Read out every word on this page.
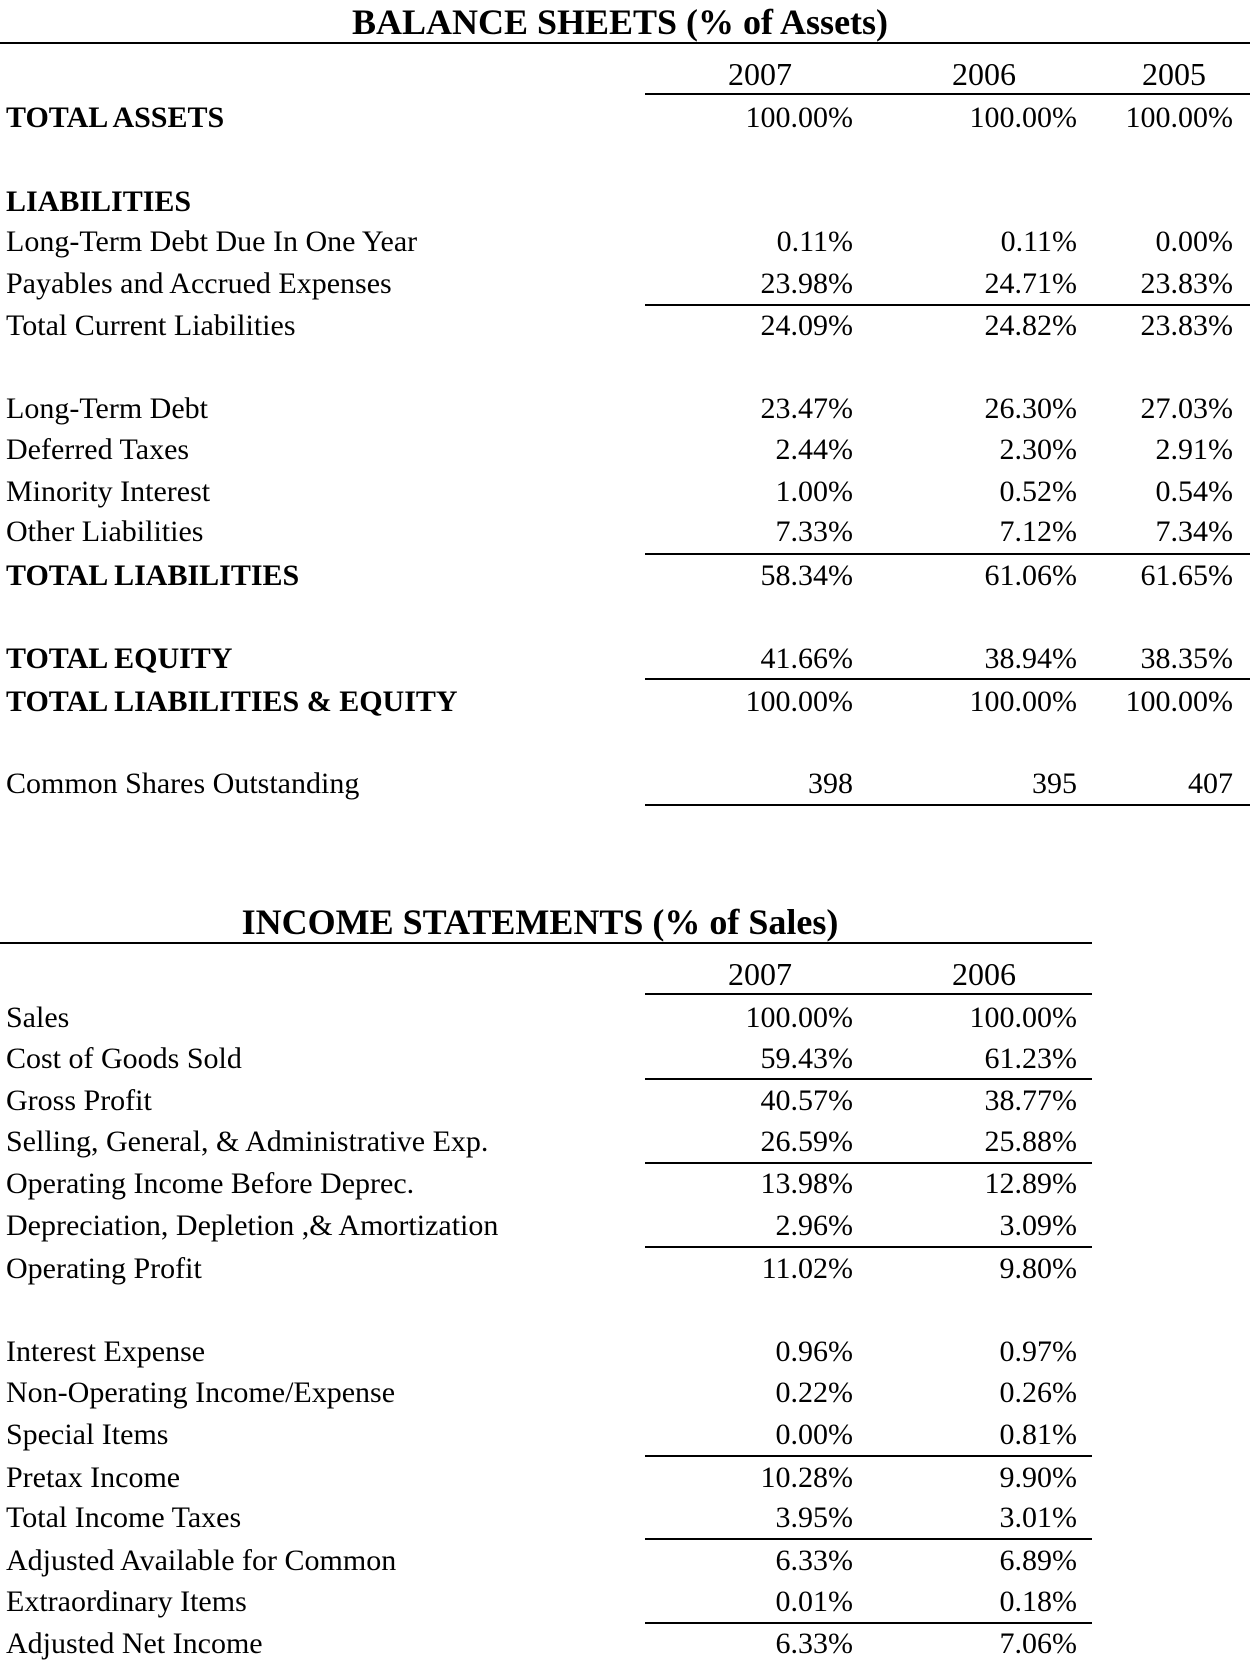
BALANCE SHEETS (% of Assets)
2007	2006	2005
TOTAL ASSETS	100.00%	100.00%	100.00%
LIABILITIES
Long-Term Debt Due In One Year	0.11%	0.11%	0.00%
Payables and Accrued Expenses	23.98%	24.71%	23.83%
Total Current Liabilities	24.09%	24.82%	23.83%
Long-Term Debt	23.47%	26.30%	27.03%
Deferred Taxes	2.44%	2.30%	2.91%
Minority Interest	1.00%	0.52%	0.54%
Other Liabilities	7.33%	7.12%	7.34%
TOTAL LIABILITIES	58.34%	61.06%	61.65%
TOTAL EQUITY	41.66%	38.94%	38.35%
TOTAL LIABILITIES & EQUITY	100.00%	100.00%	100.00%
Common Shares Outstanding	398	395	407
INCOME STATEMENTS (% of Sales)
2007	2006
Sales	100.00%	100.00%
Cost of Goods Sold	59.43%	61.23%
Gross Profit	40.57%	38.77%
Selling, General, & Administrative Exp.	26.59%	25.88%
Operating Income Before Deprec.	13.98%	12.89%
Depreciation, Depletion ,& Amortization	2.96%	3.09%
Operating Profit	11.02%	9.80%
Interest Expense	0.96%	0.97%
Non-Operating Income/Expense	0.22%	0.26%
Special Items	0.00%	0.81%
Pretax Income	10.28%	9.90%
Total Income Taxes	3.95%	3.01%
Adjusted Available for Common	6.33%	6.89%
Extraordinary Items	0.01%	0.18%
Adjusted Net Income	6.33%	7.06%
